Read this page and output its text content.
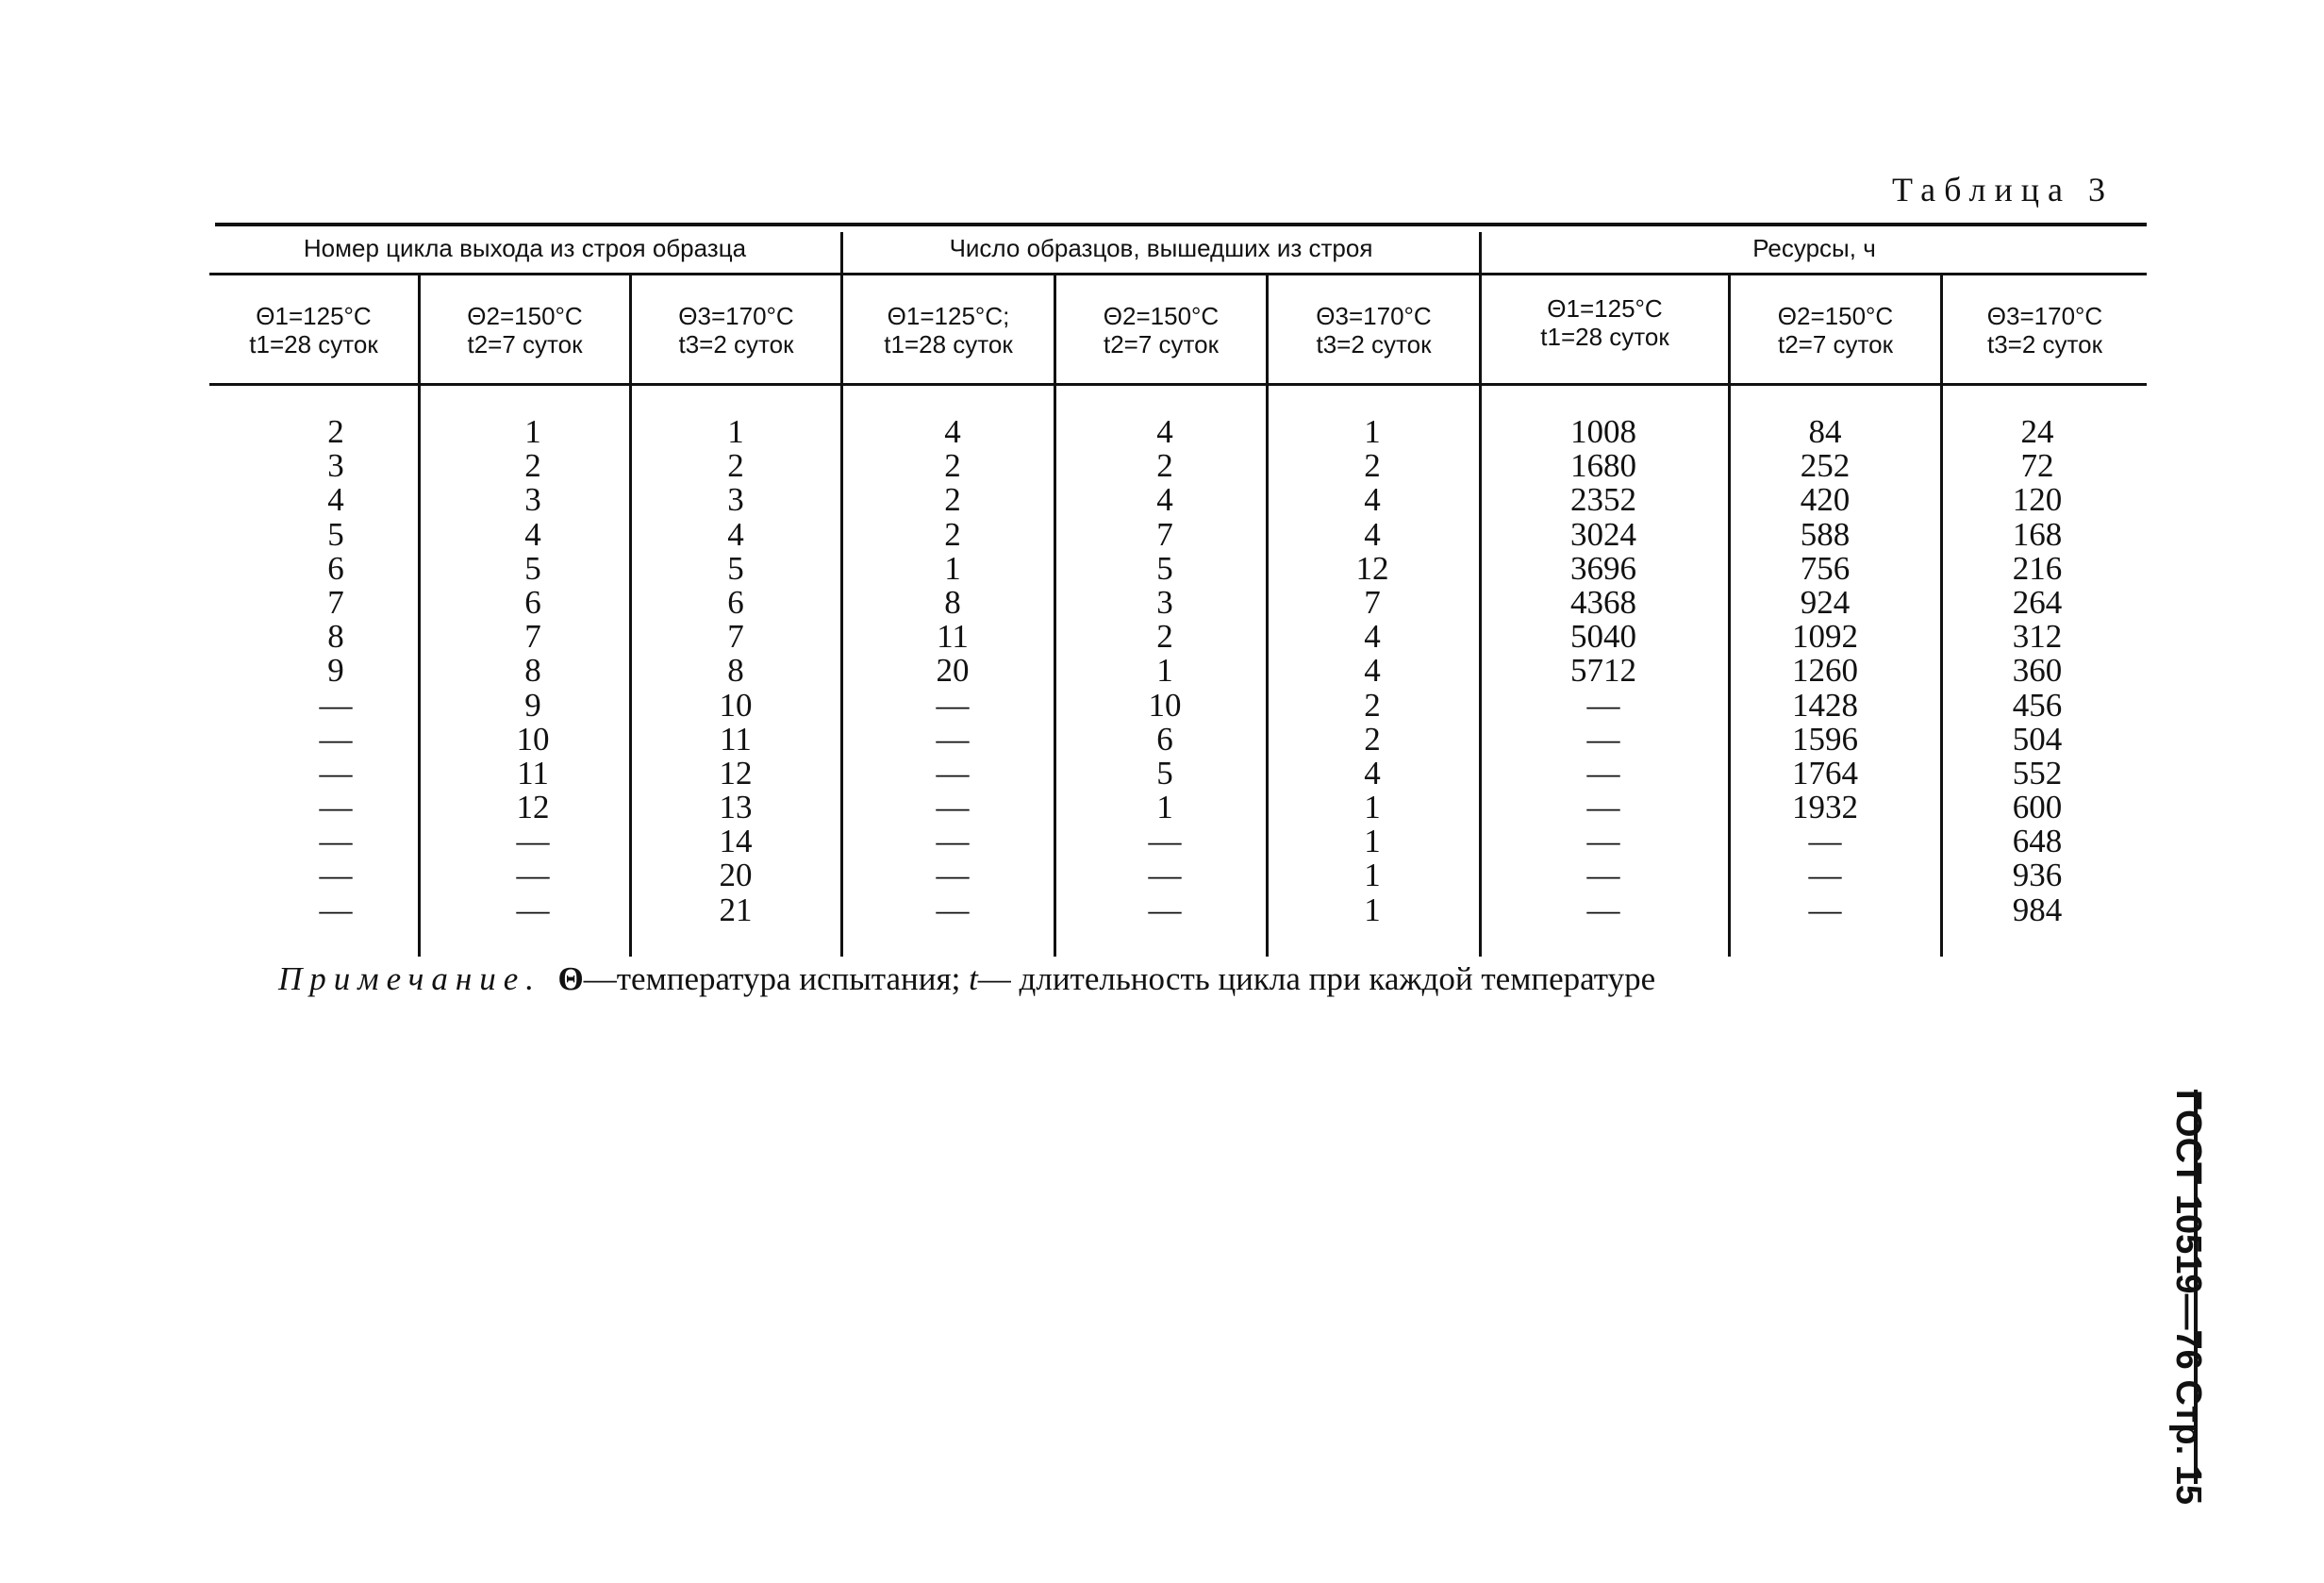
Таблица 3
Номер цикла выхода из строя образца	Число образцов, вышедших из строя	Ресурсы, ч
Θ1=125°С
t1=28 суток
Θ2=150°С
t2=7 суток
Θ3=170°С
t3=2 суток
Θ1=125°С;
t1=28 суток
Θ2=150°С
t2=7 суток
Θ3=170°С
t3=2 суток
Θ1=125°С
t1=28 суток
Θ2=150°С
t2=7 суток
Θ3=170°С
t3=2 суток
2
3
4
5
6
7
8
9
—
—
—
—
—
—
—
1
2
3
4
5
6
7
8
9
10
11
12
—
—
—
1
2
3
4
5
6
7
8
10
11
12
13
14
20
21
4
2
2
2
1
8
11
20
—
—
—
—
—
—
—
4
2
4
7
5
3
2
1
10
6
5
1
—
—
—
1
2
4
4
12
7
4
4
2
2
4
1
1
1
1
1008
1680
2352
3024
3696
4368
5040
5712
—
—
—
—
—
—
—
84
252
420
588
756
924
1092
1260
1428
1596
1764
1932
—
—
—
24
72
120
168
216
264
312
360
456
504
552
600
648
936
984
Примечание. Θ—температура испытания; t— длительность цикла при каждой температуре
ГОСТ 10519—76 Стр. 15
